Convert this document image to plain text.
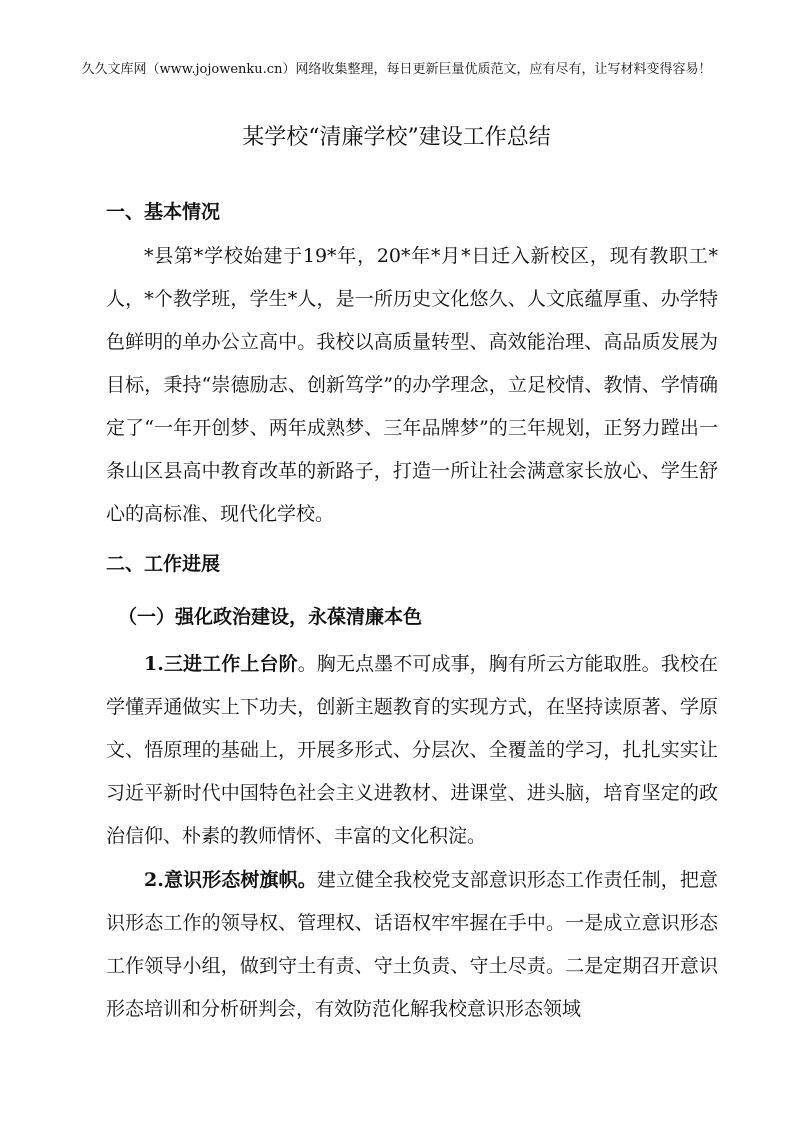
久久文库网（www.jojowenku.cn）网络收集整理，每日更新巨量优质范文，应有尽有，让写材料变得容易！
某学校“清廉学校”建设工作总结
一、基本情况

*县第*学校始建于19*年，20*年*月*日迁入新校区，现有教职工*人，*个教学班，学生*人，是一所历史文化悠久、人文底蕴厚重、办学特色鲜明的单办公立高中。我校以高质量转型、高效能治理、高品质发展为目标，秉持“崇德励志、创新笃学”的办学理念，立足校情、教情、学情确定了“一年开创梦、两年成熟梦、三年品牌梦”的三年规划，正努力蹚出一条山区县高中教育改革的新路子，打造一所让社会满意家长放心、学生舒心的高标准、现代化学校。

二、工作进展
（一）强化政治建设，永葆清廉本色

1.三进工作上台阶。胸无点墨不可成事，胸有所云方能取胜。我校在学懂弄通做实上下功夫，创新主题教育的实现方式，在坚持读原著、学原文、悟原理的基础上，开展多形式、分层次、全覆盖的学习，扎扎实实让习近平新时代中国特色社会主义进教材、进课堂、进头脑，培育坚定的政治信仰、朴素的教师情怀、丰富的文化积淀。

2.意识形态树旗帜。建立健全我校党支部意识形态工作责任制，把意识形态工作的领导权、管理权、话语权牢牢握在手中。一是成立意识形态工作领导小组，做到守土有责、守土负责、守土尽责。二是定期召开意识形态培训和分析研判会，有效防范化解我校意识形态领域
